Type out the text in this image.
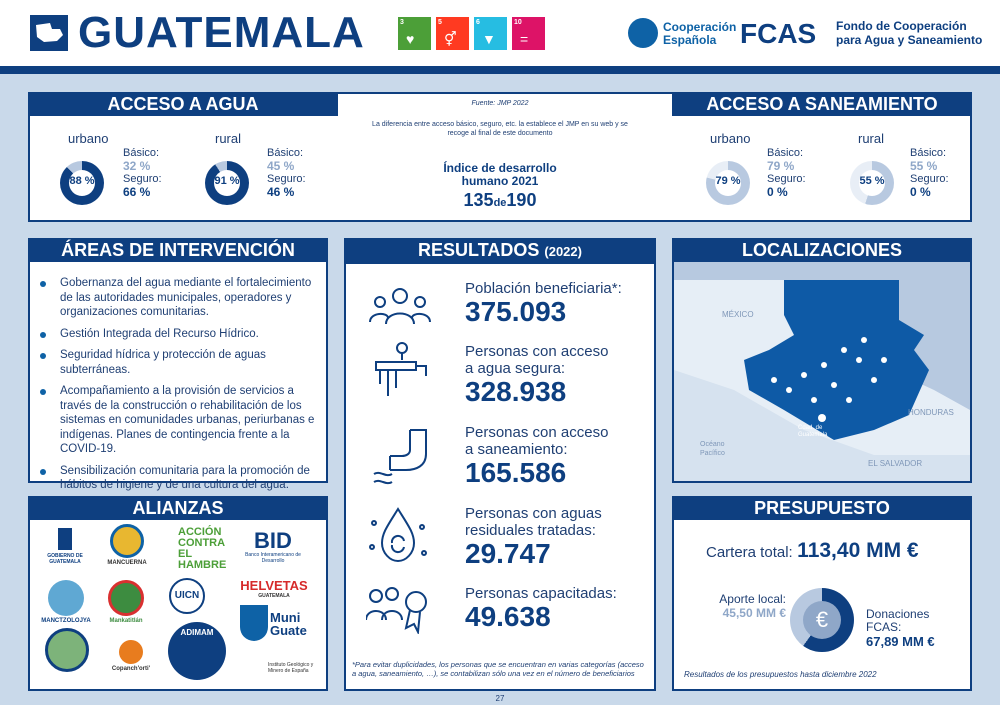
GUATEMALA	3
♥
5
⚥
6
▼
10
=
Cooperación
Española FCAS Fondo de Cooperación
para Agua y Saneamiento
ACCESO A AGUA	ACCESO A SANEAMIENTO
Fuente: JMP 2022
La diferencia entre acceso básico, seguro, etc. la establece el JMP en su web y se recoge al final de este documento
urbano
88 %
Básico:
32 %
Seguro:
66 %
rural
91 %
Básico:
45 %
Seguro:
46 %
Índice de desarrollo
humano 2021
135de190
urbano
79 %
Básico:
79 %
Seguro:
0 %
rural
55 %
Básico:
55 %
Seguro:
0 %
Gobernanza del agua mediante el fortalecimiento de las autoridades municipales, operadores y organizaciones comunitarias.
Gestión Integrada del Recurso Hídrico.
Seguridad hídrica y protección de aguas subterráneas.
Acompañamiento a la provisión de servicios a través de la construcción o rehabilitación de los sistemas en comunidades urbanas, periurbanas e indígenas. Planes de contingencia frente a la COVID-19.
Sensibilización comunitaria para la promoción de hábitos de higiene y de una cultura del agua.
ÁREAS DE INTERVENCIÓN
ALIANZAS
GOBIERNO DE GUATEMALA	MANCUERNA
ACCIÓN
CONTRA
EL HAMBRE
BID
Banco Interamericano de Desarrollo
MANCTZOLOJYA	Mankatitlán
UICN
HELVETAS
GUATEMALA
ADIMAM
Muni
Guate
Copanch'orti'
Instituto Geológico y Minero de España
RESULTADOS (2022)
Población beneficiaria*:
375.093
Personas con acceso
a agua segura:
328.938
Personas con acceso
a saneamiento:
165.586
Personas con aguas
residuales tratadas:
29.747
Personas capacitadas:
49.638
*Para evitar duplicidades, los personas que se encuentran en varias categorías (acceso a agua, saneamiento, …), se contabilizan sólo una vez en el número de beneficiarios
LOCALIZACIONES
MÉXICO
HONDURAS
EL SALVADOR
Océano
Pacífico
Cdad. de
Guatemala
PRESUPUESTO
Cartera total: 113,40 MM €
Aporte local:
45,50 MM €	€	Donaciones
FCAS:
67,89 MM €
Resultados de los presupuestos hasta diciembre 2022
27
